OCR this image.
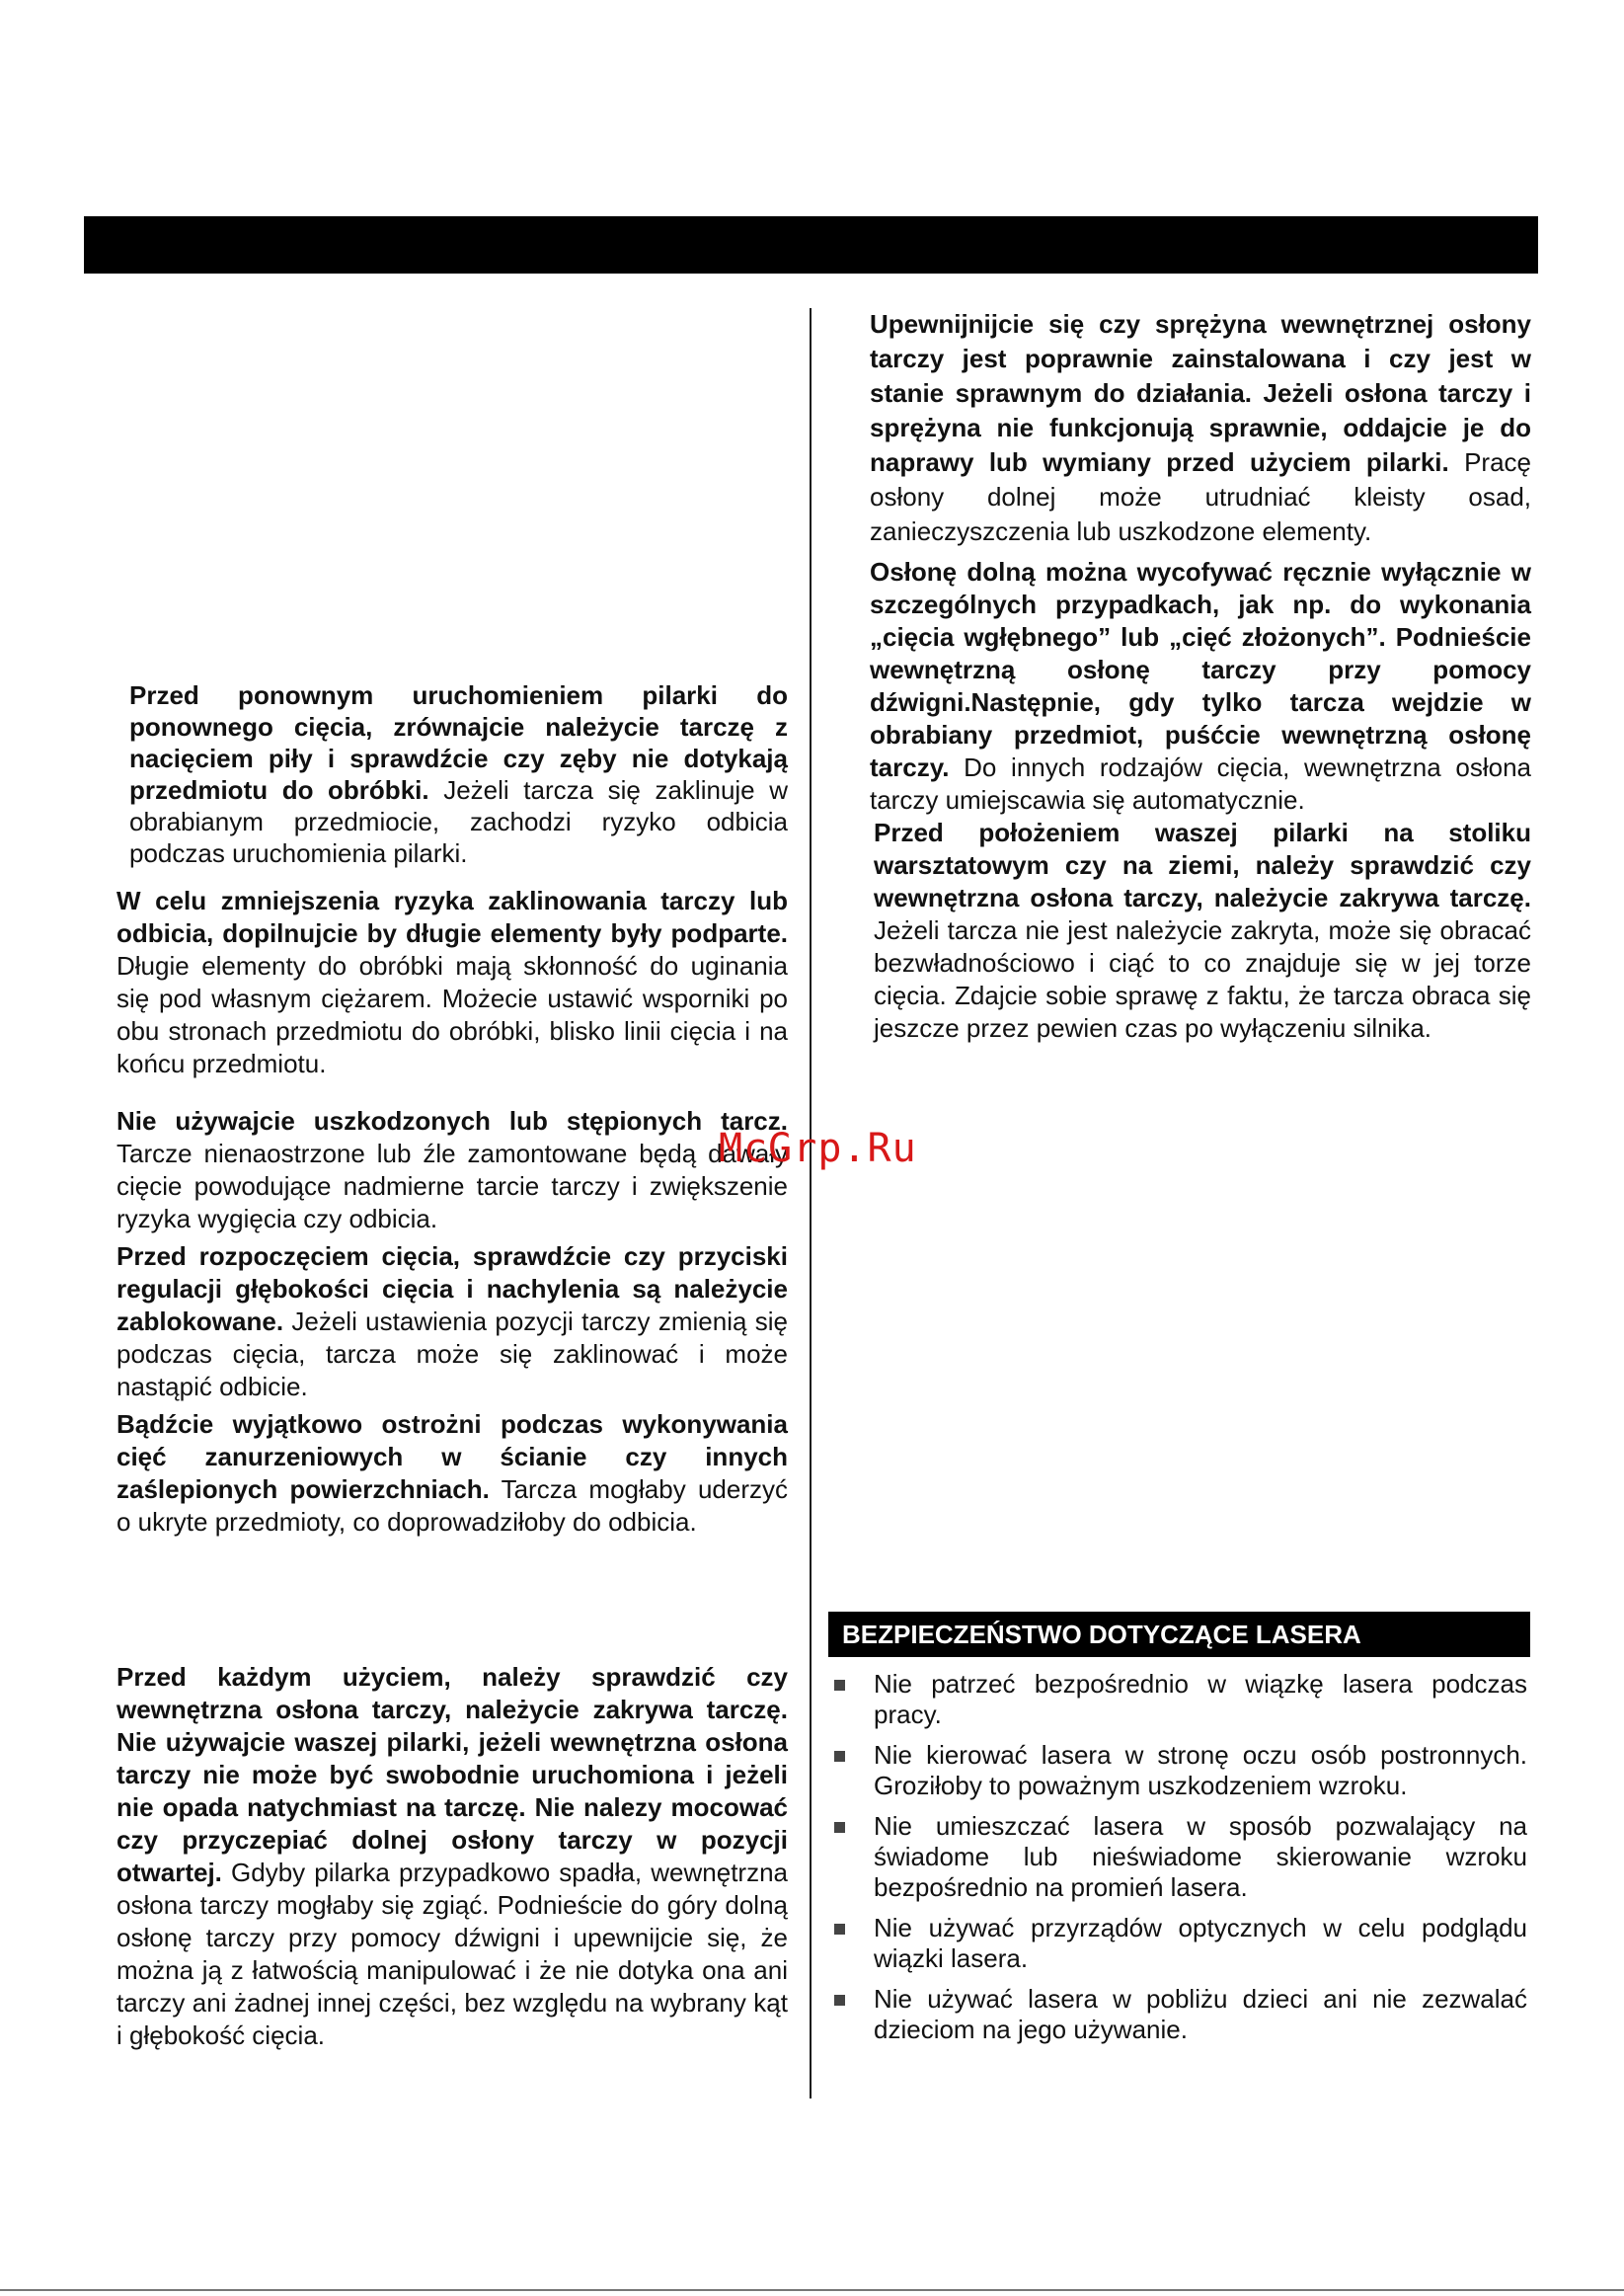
Przed ponownym uruchomieniem pilarki do ponownego cięcia, zrównajcie należycie tarczę z nacięciem piły i sprawdźcie czy zęby nie dotykają przedmiotu do obróbki. Jeżeli tarcza się zaklinuje w obrabianym przedmiocie, zachodzi ryzyko odbicia podczas uruchomienia pilarki.

W celu zmniejszenia ryzyka zaklinowania tarczy lub odbicia, dopilnujcie by długie elementy były podparte. Długie elementy do obróbki mają skłonność do uginania się pod własnym ciężarem. Możecie ustawić wsporniki po obu stronach przedmiotu do obróbki, blisko linii cięcia i na końcu przedmiotu.

Nie używajcie uszkodzonych lub stępionych tarcz. Tarcze nienaostrzone lub źle zamontowane będą dawały cięcie powodujące nadmierne tarcie tarczy i zwiększenie ryzyka wygięcia czy odbicia.

Przed rozpoczęciem cięcia, sprawdźcie czy przyciski regulacji głębokości cięcia i nachylenia są należycie zablokowane. Jeżeli ustawienia pozycji tarczy zmienią się podczas cięcia, tarcza może się zaklinować i może nastąpić odbicie.

Bądźcie wyjątkowo ostrożni podczas wykonywania cięć zanurzeniowych w ścianie czy innych zaślepionych powierzchniach. Tarcza mogłaby uderzyć o ukryte przedmioty, co doprowadziłoby do odbicia.

Przed każdym użyciem, należy sprawdzić czy wewnętrzna osłona tarczy, należycie zakrywa tarczę. Nie używajcie waszej pilarki, jeżeli wewnętrzna osłona tarczy nie może być swobodnie uruchomiona i jeżeli nie opada natychmiast na tarczę. Nie nalezy mocować czy przyczepiać dolnej osłony tarczy w pozycji otwartej. Gdyby pilarka przypadkowo spadła, wewnętrzna osłona tarczy mogłaby się zgiąć. Podnieście do góry dolną osłonę tarczy przy pomocy dźwigni i upewnijcie się, że można ją z łatwością manipulować i że nie dotyka ona ani tarczy ani żadnej innej części, bez względu na wybrany kąt i głębokość cięcia.

Upewnijnijcie się czy sprężyna wewnętrznej osłony tarczy jest poprawnie zainstalowana i czy jest w stanie sprawnym do działania. Jeżeli osłona tarczy i sprężyna nie funkcjonują sprawnie, oddajcie je do naprawy lub wymiany przed użyciem pilarki. Pracę osłony dolnej może utrudniać kleisty osad, zanieczyszczenia lub uszkodzone elementy.

Osłonę dolną można wycofywać ręcznie wyłącznie w szczególnych przypadkach, jak np. do wykonania „cięcia wgłębnego” lub „cięć złożonych”. Podnieście wewnętrzną osłonę tarczy przy pomocy dźwigni.Następnie, gdy tylko tarcza wejdzie w obrabiany przedmiot, puśćcie wewnętrzną osłonę tarczy. Do innych rodzajów cięcia, wewnętrzna osłona tarczy umiejscawia się automatycznie.

Przed położeniem waszej pilarki na stoliku warsztatowym czy na ziemi, należy sprawdzić czy wewnętrzna osłona tarczy, należycie zakrywa tarczę. Jeżeli tarcza nie jest należycie zakryta, może się obracać bezwładnościowo i ciąć to co znajduje się w jej torze cięcia. Zdajcie sobie sprawę z faktu, że tarcza obraca się jeszcze przez pewien czas po wyłączeniu silnika.

McGrp.Ru
BEZPIECZEŃSTWO DOTYCZĄCE LASERA
Nie patrzeć bezpośrednio w wiązkę lasera podczas pracy.
Nie kierować lasera w stronę oczu osób postronnych. Groziłoby to poważnym uszkodzeniem wzroku.
Nie umieszczać lasera w sposób pozwalający na świadome lub nieświadome skierowanie wzroku bezpośrednio na promień lasera.
Nie używać przyrządów optycznych w celu podglądu wiązki lasera.
Nie używać lasera w pobliżu dzieci ani nie zezwalać dzieciom na jego używanie.
